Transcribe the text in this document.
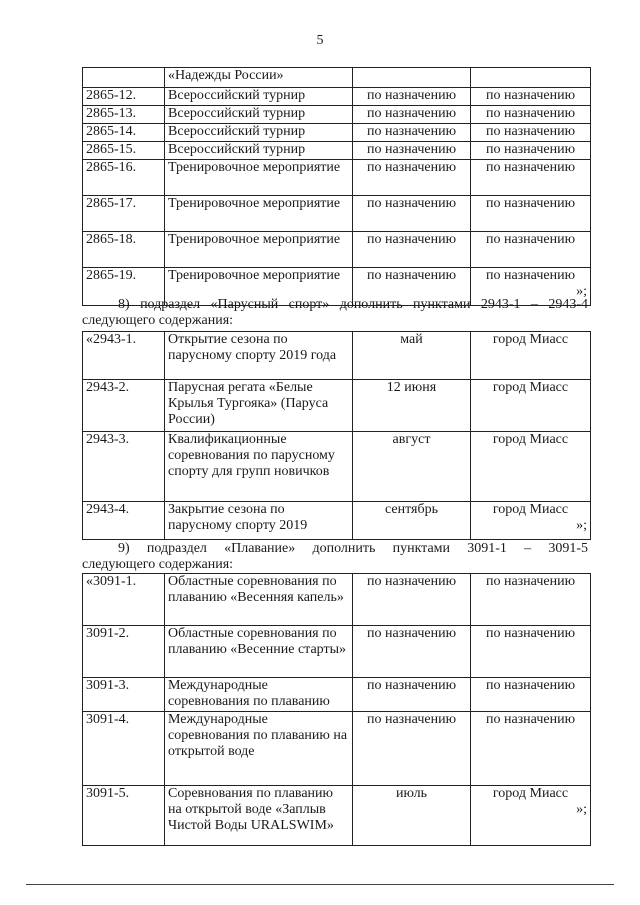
5
	«Надежды России»		
2865-12.	Всероссийский турнир	по назначению	по назначению
2865-13.	Всероссийский турнир	по назначению	по назначению
2865-14.	Всероссийский турнир	по назначению	по назначению
2865-15.	Всероссийский турнир	по назначению	по назначению
2865-16.	Тренировочное мероприятие	по назначению	по назначению
2865-17.	Тренировочное мероприятие	по назначению	по назначению
2865-18.	Тренировочное мероприятие	по назначению	по назначению
2865-19.	Тренировочное мероприятие	по назначению	по назначению
»;
8) подраздел «Парусный спорт» дополнить пунктами 2943-1 – 2943-4
следующего содержания:
«2943-1.	Открытие сезона по парусному спорту 2019 года	май	город Миасс
2943-2.	Парусная регата «Белые Крылья Тургояка» (Паруса России)	12 июня	город Миасс
2943-3.	Квалификационные соревнования по парусному спорту для групп новичков	август	город Миасс
2943-4.	Закрытие сезона по парусному спорту 2019	сентябрь	город Миасс
»;
9) подраздел «Плавание» дополнить пунктами 3091-1 – 3091-5
следующего содержания:
«3091-1.	Областные соревнования по плаванию «Весенняя капель»	по назначению	по назначению
3091-2.	Областные соревнования по плаванию «Весенние старты»	по назначению	по назначению
3091-3.	Международные соревнования по плаванию	по назначению	по назначению
3091-4.	Международные соревнования по плаванию на открытой воде	по назначению	по назначению
3091-5.	Соревнования по плаванию на открытой воде «Заплыв Чистой Воды URALSWIM»	июль	город Миасс
»;
